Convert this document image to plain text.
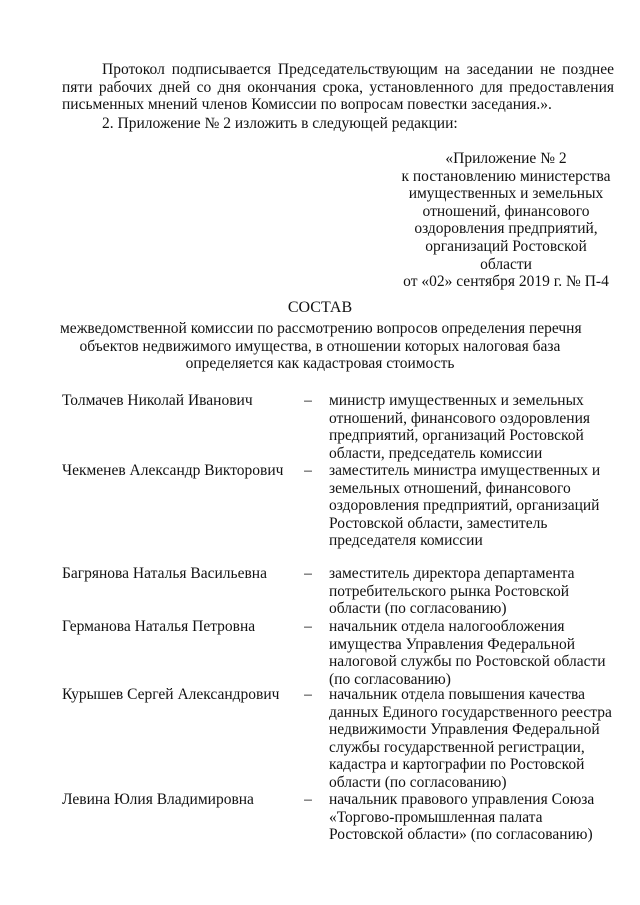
Протокол подписывается Председательствующим на заседании не позднее пяти рабочих дней со дня окончания срока, установленного для предоставления письменных мнений членов Комиссии по вопросам повестки заседания.».

2. Приложение № 2 изложить в следующей редакции:

«Приложение № 2
к постановлению министерства
имущественных и земельных
отношений, финансового
оздоровления предприятий,
организаций Ростовской
области
от «02» сентября 2019 г. № П-4

СОСТАВ

межведомственной комиссии по рассмотрению вопросов определения перечня
объектов недвижимого имущества, в отношении которых налоговая база
определяется как кадастровая стоимость
Толмачев Николай Иванович	– министр имущественных и земельных
отношений, финансового оздоровления
предприятий, организаций Ростовской
области, председатель комиссии
Чекменев Александр Викторович – заместитель министра имущественных и
земельных отношений, финансового
оздоровления предприятий, организаций
Ростовской области, заместитель
председателя комиссии
Багрянова Наталья Васильевна – заместитель директора департамента
потребительского рынка Ростовской
области (по согласованию)
Германова Наталья Петровна	– начальник отдела налогообложения
имущества Управления Федеральной
налоговой службы по Ростовской области
(по согласованию)
Курышев Сергей Александрович – начальник отдела повышения качества
данных Единого государственного реестра
недвижимости Управления Федеральной
службы государственной регистрации,
кадастра и картографии по Ростовской
области (по согласованию)
Левина Юлия Владимировна	– начальник правового управления Союза
«Торгово-промышленная палата
Ростовской области» (по согласованию)
